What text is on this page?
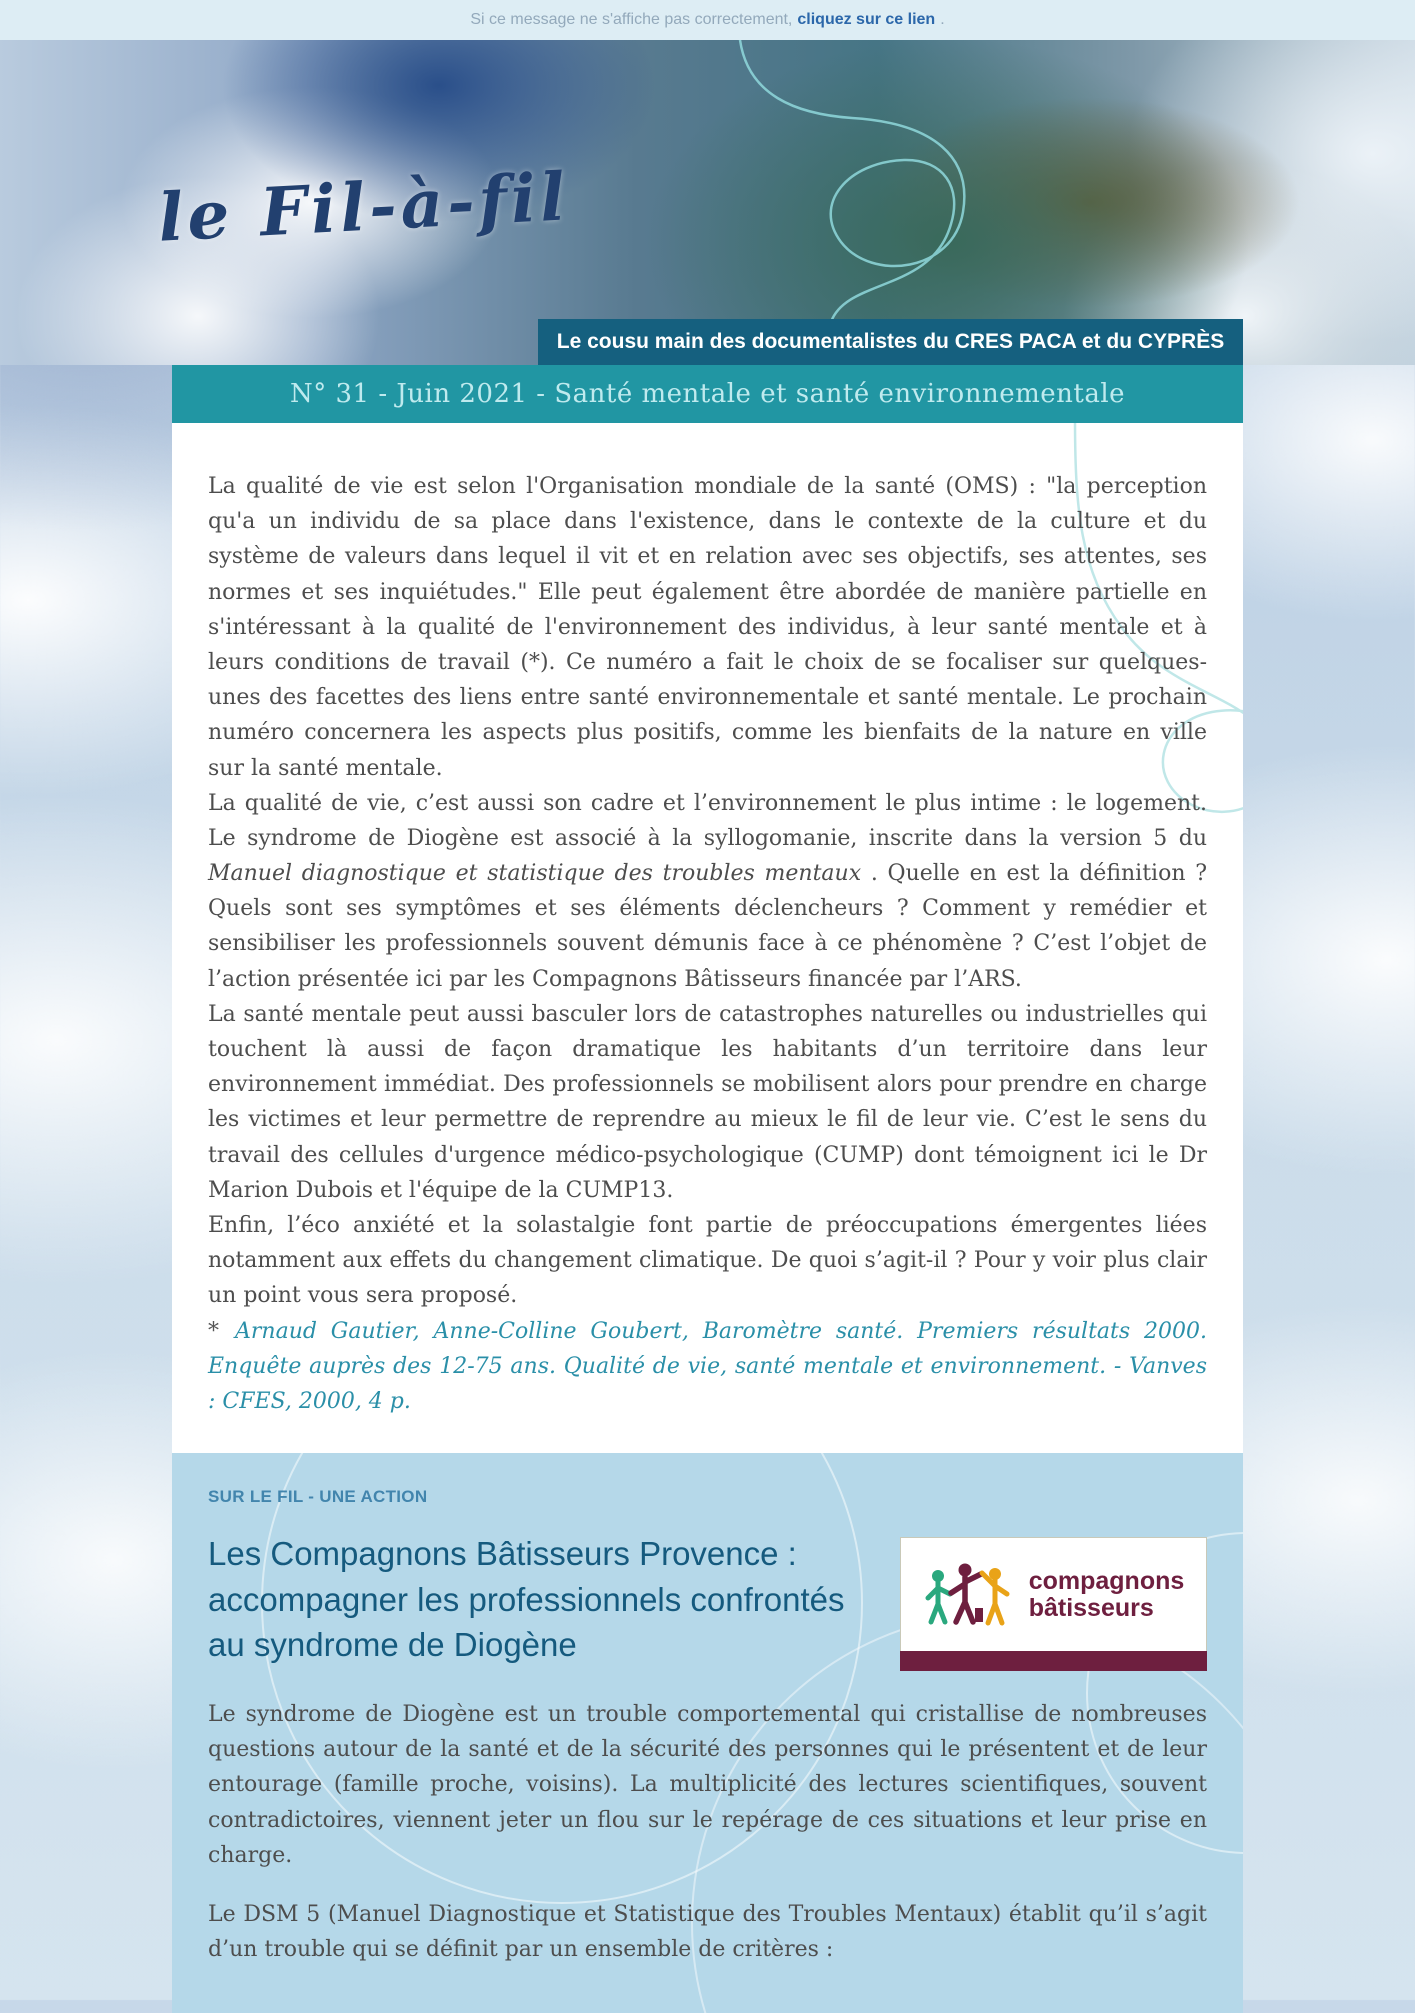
Si ce message ne s'affiche pas correctement, cliquez sur ce lien .
le Fil-à-fil
Le cousu main des documentalistes du CRES PACA et du CYPRÈS
N° 31 - Juin 2021 - Santé mentale et santé environnementale

La qualité de vie est selon l'Organisation mondiale de la santé (OMS) : "la perception qu'a un individu de sa place dans l'existence, dans le contexte de la culture et du système de valeurs dans lequel il vit et en relation avec ses objectifs, ses attentes, ses normes et ses inquiétudes." Elle peut également être abordée de manière partielle en s'intéressant à la qualité de l'environnement des individus, à leur santé mentale et à leurs conditions de travail (*). Ce numéro a fait le choix de se focaliser sur quelques-unes des facettes des liens entre santé environnementale et santé mentale. Le prochain numéro concernera les aspects plus positifs, comme les bienfaits de la nature en ville sur la santé mentale.

La qualité de vie, c’est aussi son cadre et l’environnement le plus intime : le logement. Le syndrome de Diogène est associé à la syllogomanie, inscrite dans la version 5 du Manuel diagnostique et statistique des troubles mentaux . Quelle en est la définition ? Quels sont ses symptômes et ses éléments déclencheurs ? Comment y remédier et sensibiliser les professionnels souvent démunis face à ce phénomène ? C’est l’objet de l’action présentée ici par les Compagnons Bâtisseurs financée par l’ARS.

La santé mentale peut aussi basculer lors de catastrophes naturelles ou industrielles qui touchent là aussi de façon dramatique les habitants d’un territoire dans leur environnement immédiat. Des professionnels se mobilisent alors pour prendre en charge les victimes et leur permettre de reprendre au mieux le fil de leur vie. C’est le sens du travail des cellules d'urgence médico-psychologique (CUMP) dont témoignent ici le Dr Marion Dubois et l'équipe de la CUMP13.

Enfin, l’éco anxiété et la solastalgie font partie de préoccupations émergentes liées notamment aux effets du changement climatique. De quoi s’agit-il ? Pour y voir plus clair un point vous sera proposé.

* Arnaud Gautier, Anne-Colline Goubert, Baromètre santé. Premiers résultats 2000. Enquête auprès des 12-75 ans. Qualité de vie, santé mentale et environnement. - Vanves : CFES, 2000, 4 p.

SUR LE FIL - UNE ACTION

Les Compagnons Bâtisseurs Provence : accompagner les professionnels confrontés au syndrome de Diogène
compagnons
bâtisseurs

Le syndrome de Diogène est un trouble comportemental qui cristallise de nombreuses questions autour de la santé et de la sécurité des personnes qui le présentent et de leur entourage (famille proche, voisins). La multiplicité des lectures scientifiques, souvent contradictoires, viennent jeter un flou sur le repérage de ces situations et leur prise en charge.

Le DSM 5 (Manuel Diagnostique et Statistique des Troubles Mentaux) établit qu’il s’agit d’un trouble qui se définit par un ensemble de critères :
